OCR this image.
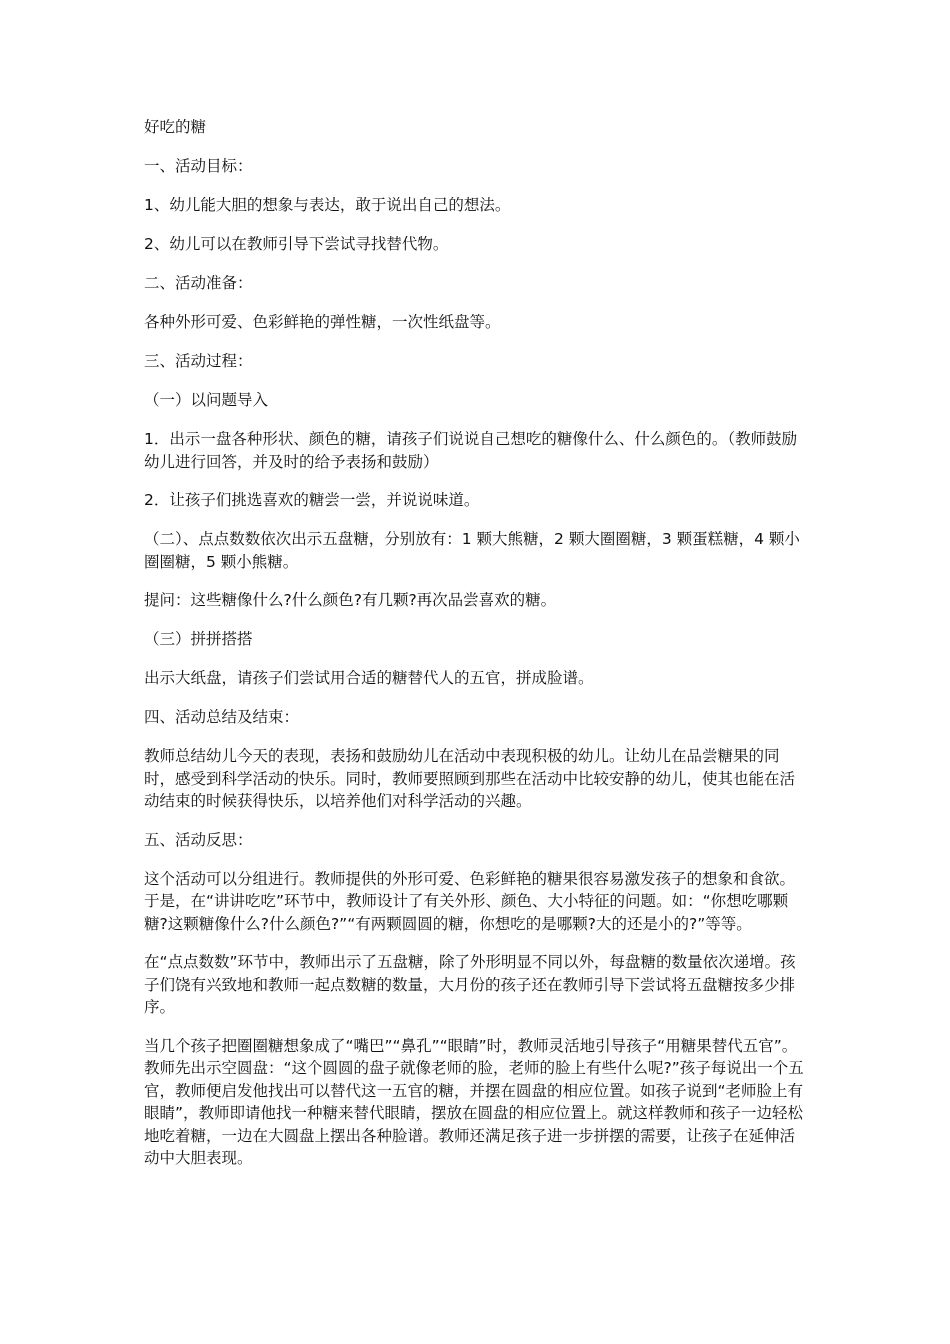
好吃的糖

一、活动目标：

1、幼儿能大胆的想象与表达，敢于说出自己的想法。

2、幼儿可以在教师引导下尝试寻找替代物。

二、活动准备：

各种外形可爱、色彩鲜艳的弹性糖，一次性纸盘等。

三、活动过程：

（一）以问题导入

1．出示一盘各种形状、颜色的糖，请孩子们说说自己想吃的糖像什么、什么颜色的。（教师鼓励幼儿进行回答，并及时的给予表扬和鼓励）

2．让孩子们挑选喜欢的糖尝一尝，并说说味道。

（二）、点点数数依次出示五盘糖，分别放有：1 颗大熊糖，2 颗大圈圈糖，3 颗蛋糕糖，4 颗小圈圈糖，5 颗小熊糖。

提问：这些糖像什么?什么颜色?有几颗?再次品尝喜欢的糖。

（三）拼拼搭搭

出示大纸盘，请孩子们尝试用合适的糖替代人的五官，拼成脸谱。

四、活动总结及结束：

教师总结幼儿今天的表现，表扬和鼓励幼儿在活动中表现积极的幼儿。让幼儿在品尝糖果的同时，感受到科学活动的快乐。同时，教师要照顾到那些在活动中比较安静的幼儿，使其也能在活动结束的时候获得快乐，以培养他们对科学活动的兴趣。

五、活动反思：

这个活动可以分组进行。教师提供的外形可爱、色彩鲜艳的糖果很容易激发孩子的想象和食欲。于是，在“讲讲吃吃”环节中，教师设计了有关外形、颜色、大小特征的问题。如：“你想吃哪颗糖?这颗糖像什么?什么颜色?”“有两颗圆圆的糖，你想吃的是哪颗?大的还是小的?”等等。

在“点点数数”环节中，教师出示了五盘糖，除了外形明显不同以外，每盘糖的数量依次递增。孩子们饶有兴致地和教师一起点数糖的数量，大月份的孩子还在教师引导下尝试将五盘糖按多少排序。

当几个孩子把圈圈糖想象成了“嘴巴”“鼻孔”“眼睛”时，教师灵活地引导孩子“用糖果替代五官”。教师先出示空圆盘：“这个圆圆的盘子就像老师的脸，老师的脸上有些什么呢?”孩子每说出一个五官，教师便启发他找出可以替代这一五官的糖，并摆在圆盘的相应位置。如孩子说到“老师脸上有眼睛”，教师即请他找一种糖来替代眼睛，摆放在圆盘的相应位置上。就这样教师和孩子一边轻松地吃着糖，一边在大圆盘上摆出各种脸谱。教师还满足孩子进一步拼摆的需要，让孩子在延伸活动中大胆表现。
